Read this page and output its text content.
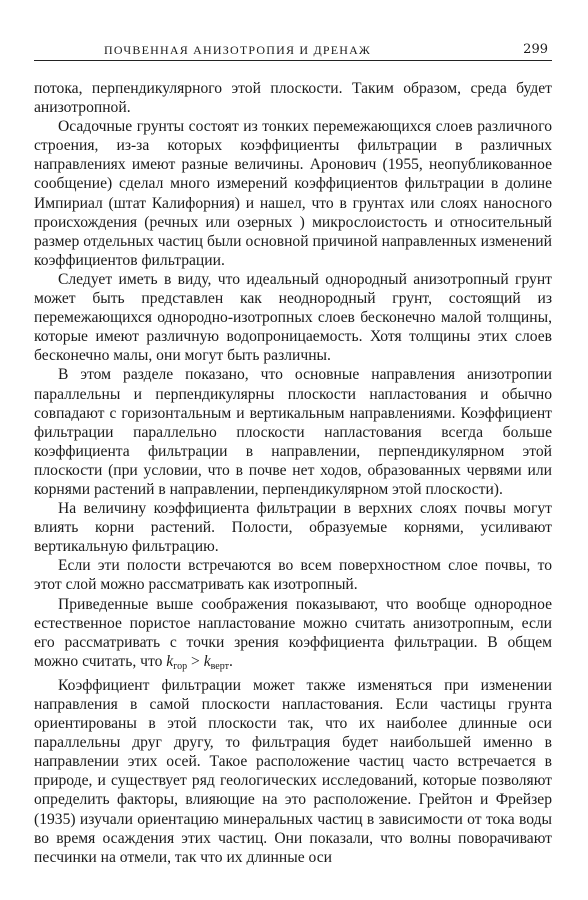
ПОЧВЕННАЯ АНИЗОТРОПИЯ И ДРЕНАЖ	299

потока, перпендикулярного этой плоскости. Таким образом, среда будет анизотропной.

Осадочные грунты состоят из тонких перемежающихся слоев различного строения, из-за которых коэффициенты фильтрации в различных направлениях имеют разные величины. Аронович (1955, неопубликованное сообщение) сделал много измерений коэффициентов фильтрации в долине Импириал (штат Калифорния) и нашел, что в грунтах или слоях наносного происхождения (речных или озерных ) микрослоистость и относительный размер отдельных частиц были основной причиной направленных изменений коэффициентов фильтрации.

Следует иметь в виду, что идеальный однородный анизотропный грунт может быть представлен как неоднородный грунт, состоящий из перемежающихся однородно-изотропных слоев бесконечно малой толщины, которые имеют различную водопроницаемость. Хотя толщины этих слоев бесконечно малы, они могут быть различны.

В этом разделе показано, что основные направления анизотропии параллельны и перпендикулярны плоскости напластования и обычно совпадают с горизонтальным и вертикальным направлениями. Коэффициент фильтрации параллельно плоскости напластования всегда больше коэффициента фильтрации в направлении, перпендикулярном этой плоскости (при условии, что в почве нет ходов, образованных червями или корнями растений в направлении, перпендикулярном этой плоскости).

На величину коэффициента фильтрации в верхних слоях почвы могут влиять корни растений. Полости, образуемые корнями, усиливают вертикальную фильтрацию.

Если эти полости встречаются во всем поверхностном слое почвы, то этот слой можно рассматривать как изотропный.

Приведенные выше соображения показывают, что вообще однородное естественное пористое напластование можно считать анизотропным, если его рассматривать с точки зрения коэффициента фильтрации. В общем можно считать, что $k_{гор} > k_{верт}$.

Коэффициент фильтрации может также изменяться при изменении направления в самой плоскости напластования. Если частицы грунта ориентированы в этой плоскости так, что их наиболее длинные оси параллельны друг другу, то фильтрация будет наибольшей именно в направлении этих осей. Такое расположение частиц часто встречается в природе, и существует ряд геологических исследований, которые позволяют определить факторы, влияющие на это расположение. Грейтон и Фрейзер (1935) изучали ориентацию минеральных частиц в зависимости от тока воды во время осаждения этих частиц. Они показали, что волны поворачивают песчинки на отмели, так что их длинные оси
